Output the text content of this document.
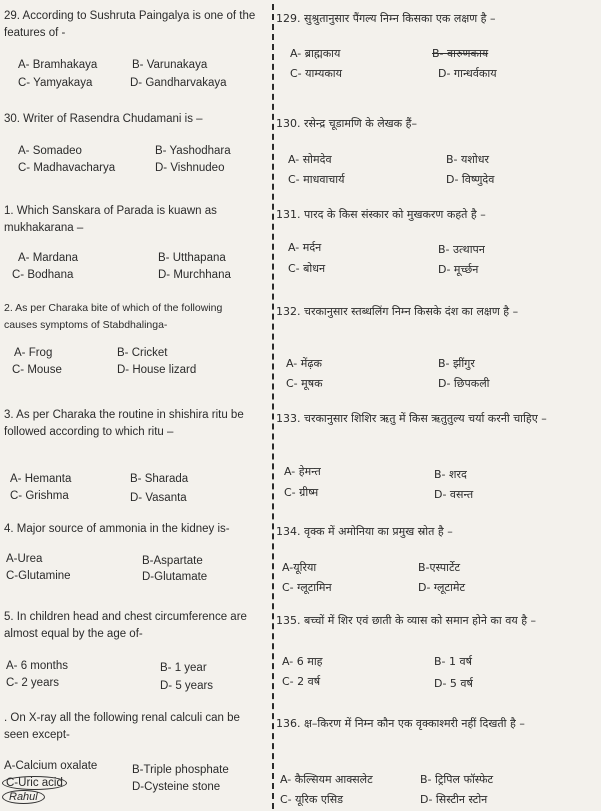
29. According to Sushruta Paingalya is one of the features of -
A- Bramhakaya	B- Varunakaya
C- Yamyakaya	D- Gandharvakaya
30. Writer of Rasendra Chudamani is –
A- Somadeo	B- Yashodhara
C- Madhavacharya	D- Vishnudeo
1. Which Sanskara of Parada is kuawn as mukhakarana –
A- Mardana	B- Utthapana
C- Bodhana	D- Murchhana
2. As per Charaka bite of which of the following causes symptoms of Stabdhalinga-
A- Frog	B- Cricket
C- Mouse	D- House lizard
3. As per Charaka the routine in shishira ritu be followed according to which ritu –
A- Hemanta	B- Sharada
C- Grishma	D- Vasanta
4. Major source of ammonia in the kidney is-
A-Urea	B-Aspartate
C-Glutamine	D-Glutamate
5. In children head and chest circumference are almost equal by the age of-
A- 6 months	B- 1 year
C- 2 years	D- 5 years
. On X-ray all the following renal calculi can be seen except-
A-Calcium oxalate	B-Triple phosphate
C-Uric acid	D-Cysteine stone
Rahul
129. सुश्रुतानुसार पैंगल्य निम्न किसका एक लक्षण है –
A- ब्राह्मकाय	B- वारुणकाय
C- याम्यकाय	D- गान्धर्वकाय
130. रसेन्द्र चूडामणि के लेखक हैं–
A- सोमदेव	B- यशोधर
C- माधवाचार्य	D- विष्णुदेव
131. पारद के किस संस्कार को मुखकरण कहते है –
A- मर्दन	B- उत्थापन
C- बोधन	D- मूर्च्छन
132. चरकानुसार स्तब्धलिंग निम्न किसके दंश का लक्षण है –
A- मेंढ़क	B- झींगुर
C- मूषक	D- छिपकली
133. चरकानुसार शिशिर ऋतु में किस ऋतुतुल्य चर्या करनी चाहिए –
A- हेमन्त	B- शरद
C- ग्रीष्म	D- वसन्त
134. वृक्क में अमोनिया का प्रमुख स्रोत है –
A-यूरिया	B-एस्पार्टेट
C- ग्लूटामिन	D- ग्लूटामेट
135. बच्चों में शिर एवं छाती के व्यास को समान होने का वय है –
A- 6 माह	B- 1 वर्ष
C- 2 वर्ष	D- 5 वर्ष
136. क्ष–किरण में निम्न कौन एक वृक्काश्मरी नहीं दिखती है –
A- कैल्सियम आक्सलेट	B- ट्रिपिल फॉस्फेट
C- यूरिक एसिड	D- सिस्टीन स्टोन
